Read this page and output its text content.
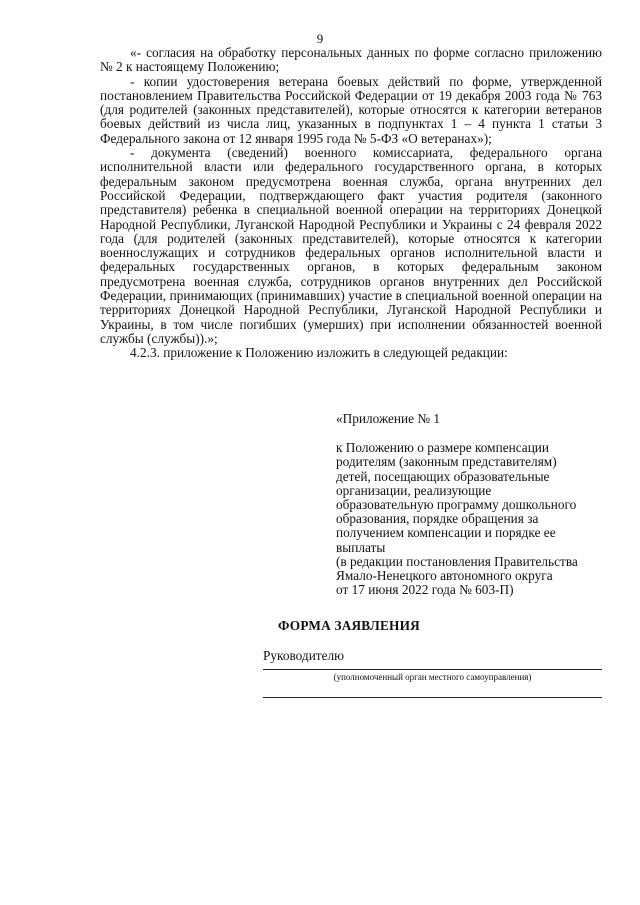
9

«- согласия на обработку персональных данных по форме согласно приложению № 2 к настоящему Положению;

- копии удостоверения ветерана боевых действий по форме, утвержденной постановлением Правительства Российской Федерации от 19 декабря 2003 года № 763 (для родителей (законных представителей), которые относятся к категории ветеранов боевых действий из числа лиц, указанных в подпунктах 1 – 4 пункта 1 статьи 3 Федерального закона от 12 января 1995 года № 5-ФЗ «О ветеранах»);

- документа (сведений) военного комиссариата, федерального органа исполнительной власти или федерального государственного органа, в которых федеральным законом предусмотрена военная служба, органа внутренних дел Российской Федерации, подтверждающего факт участия родителя (законного представителя) ребенка в специальной военной операции на территориях Донецкой Народной Республики, Луганской Народной Республики и Украины с 24 февраля 2022 года (для родителей (законных представителей), которые относятся к категории военнослужащих и сотрудников федеральных органов исполнительной власти и федеральных государственных органов, в которых федеральным законом предусмотрена военная служба, сотрудников органов внутренних дел Российской Федерации, принимающих (принимавших) участие в специальной военной операции на территориях Донецкой Народной Республики, Луганской Народной Республики и Украины, в том числе погибших (умерших) при исполнении обязанностей военной службы (службы)).»;

4.2.3. приложение к Положению изложить в следующей редакции:

«Приложение № 1
к Положению о размере компенсации
родителям (законным представителям)
детей, посещающих образовательные
организации, реализующие
образовательную программу дошкольного
образования, порядке обращения за
получением компенсации и порядке ее
выплаты
(в редакции постановления Правительства
Ямало-Ненецкого автономного округа
от 17 июня 2022 года № 603-П)
ФОРМА ЗАЯВЛЕНИЯ
Руководителю
(уполномоченный орган местного самоуправления)
